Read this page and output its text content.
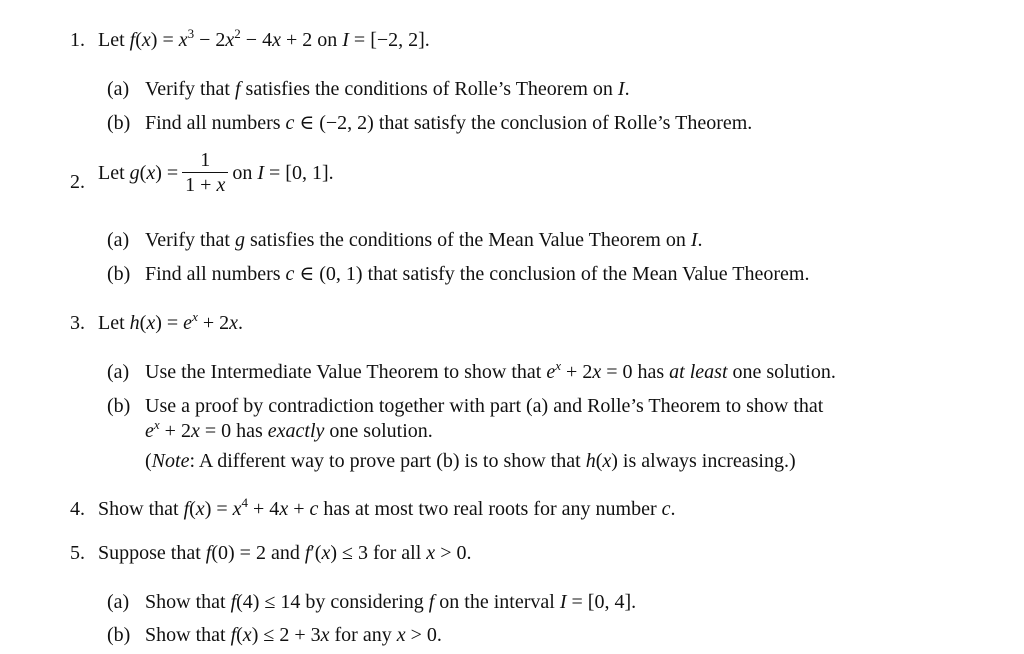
1. Let $f(x) = x^3 - 2x^2 - 4x + 2$ on I = [−2, 2].
(a) Verify that f satisfies the conditions of Rolle’s Theorem on I.
(b) Find all numbers c ∈ (−2, 2) that satisfy the conclusion of Rolle’s Theorem.
2. Let $g(x) = \frac{1}{1 + x}$ on I = [0, 1].
(a) Verify that g satisfies the conditions of the Mean Value Theorem on I.
(b) Find all numbers c ∈ (0, 1) that satisfy the conclusion of the Mean Value Theorem.
3. Let $h(x) = e^x + 2x$.
(a) Use the Intermediate Value Theorem to show that $e^x + 2x = 0$ has at least one solution.
(b) Use a proof by contradiction together with part (a) and Rolle’s Theorem to show that
$e^x + 2x = 0$ has exactly one solution.
(Note: A different way to prove part (b) is to show that h(x) is always increasing.)
4. Show that $f(x) = x^4 + 4x + c$ has at most two real roots for any number c.
5. Suppose that f(0) = 2 and f′(x) ≤ 3 for all x > 0.
(a) Show that f(4) ≤ 14 by considering f on the interval I = [0, 4].
(b) Show that f(x) ≤ 2 + 3x for any x > 0.
